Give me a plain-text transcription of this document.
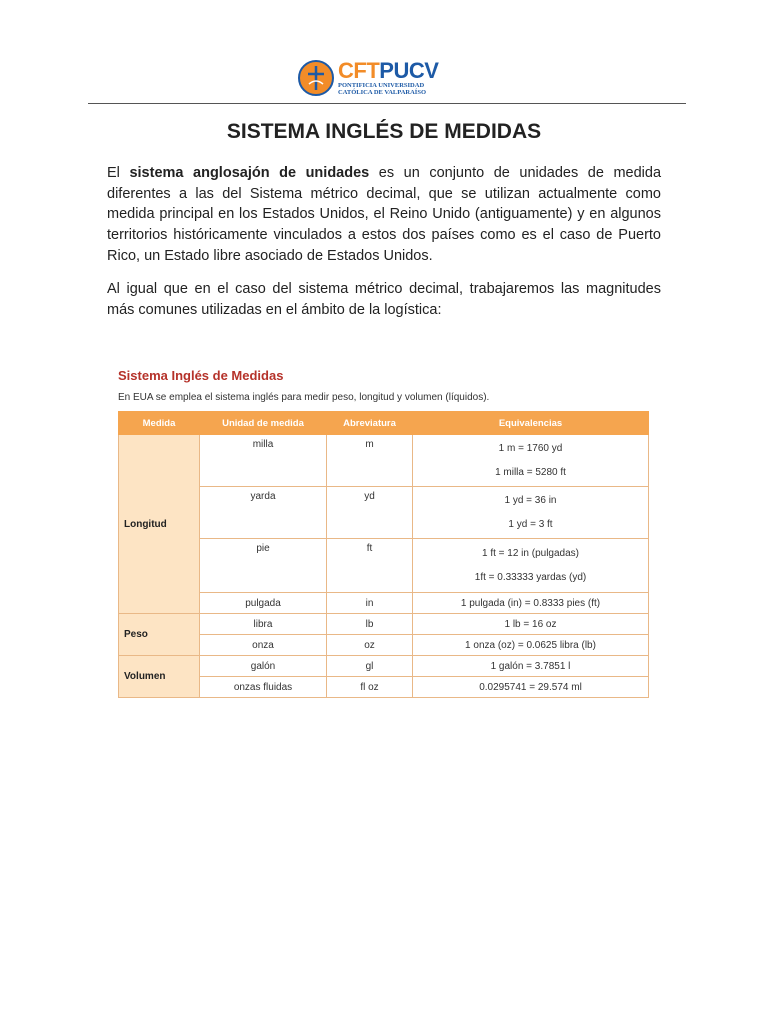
CFTPUCV
PONTIFICIA UNIVERSIDAD
CATÓLICA DE VALPARAÍSO
SISTEMA INGLÉS DE MEDIDAS

El sistema anglosajón de unidades es un conjunto de unidades de medida diferentes a las del Sistema métrico decimal, que se utilizan actualmente como medida principal en los Estados Unidos, el Reino Unido (antiguamente) y en algunos territorios históricamente vinculados a estos dos países como es el caso de Puerto Rico, un Estado libre asociado de Estados Unidos.

Al igual que en el caso del sistema métrico decimal, trabajaremos las magnitudes más comunes utilizadas en el ámbito de la logística:

Sistema Inglés de Medidas
En EUA se emplea el sistema inglés para medir peso, longitud y volumen (líquidos).
Medida	Unidad de medida	Abreviatura	Equivalencias
Longitud	milla	m	1 m = 1760 yd
1 milla = 5280 ft

	yarda	yd	1 yd = 36 in
1 yd = 3 ft

	pie	ft	1 ft = 12 in (pulgadas)
1ft = 0.33333 yardas (yd)

	pulgada	in	1 pulgada (in) = 0.8333 pies (ft)
Peso	libra	lb	1 lb = 16 oz
	onza	oz	1 onza (oz) = 0.0625 libra (lb)
Volumen	galón	gl	1 galón = 3.7851 l
	onzas fluidas	fl oz	0.0295741 = 29.574 ml
